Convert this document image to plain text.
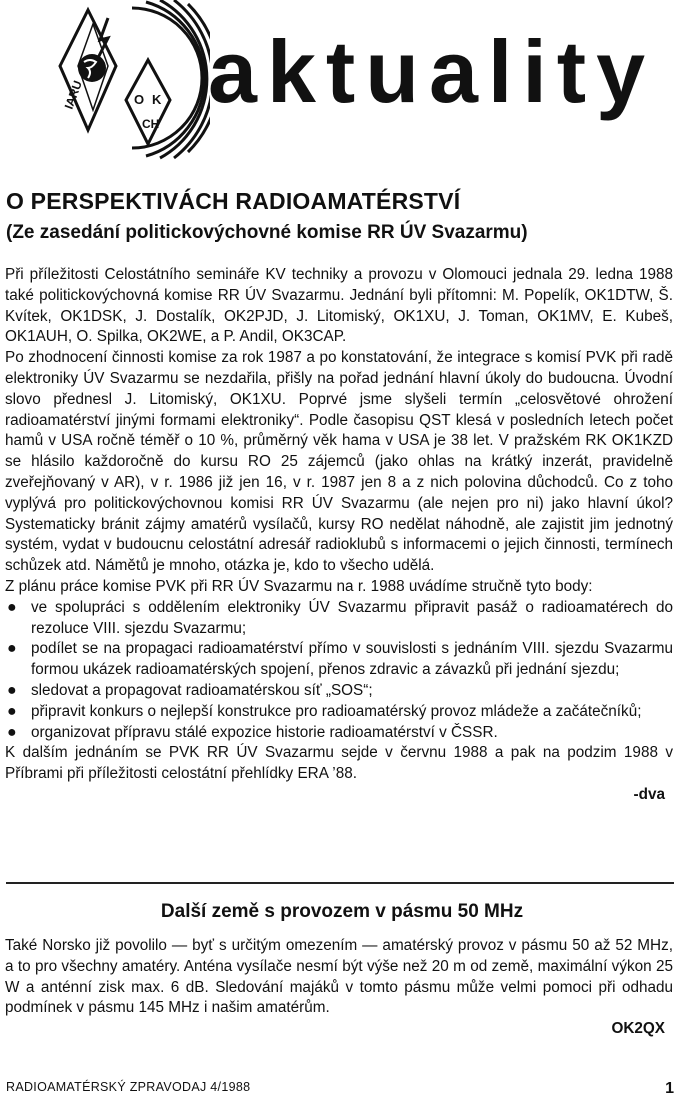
IARU	O K
CH
aktuality
O PERSPEKTIVÁCH RADIOAMATÉRSTVÍ
(Ze zasedání politickovýchovné komise RR ÚV Svazarmu)

Při příležitosti Celostátního semináře KV techniky a provozu v Olomouci jednala 29. ledna 1988 také politickovýchovná komise RR ÚV Svazarmu. Jednání byli přítomni: M. Popelík, OK1DTW, Š. Kvítek, OK1DSK, J. Dostalík, OK2PJD, J. Litomiský, OK1XU, J. Toman, OK1MV, E. Kubeš, OK1AUH, O. Spilka, OK2WE, a P. Andil, OK3CAP.

Po zhodnocení činnosti komise za rok 1987 a po konstatování, že integrace s komisí PVK při radě elektroniky ÚV Svazarmu se nezdařila, přišly na pořad jednání hlavní úkoly do budoucna. Úvodní slovo přednesl J. Litomiský, OK1XU. Poprvé jsme slyšeli termín „celosvětové ohrožení radioamatérství jinými formami elektroniky“. Podle časopisu QST klesá v posledních letech počet hamů v USA ročně téměř o 10 %, průměrný věk hama v USA je 38 let. V pražském RK OK1KZD se hlásilo každoročně do kursu RO 25 zájemců (jako ohlas na krátký inzerát, pravidelně zveřejňovaný v AR), v r. 1986 již jen 16, v r. 1987 jen 8 a z nich polovina důchodců. Co z toho vyplývá pro politickovýchovnou komisi RR ÚV Svazarmu (ale nejen pro ni) jako hlavní úkol? Systematicky bránit zájmy amatérů vysílačů, kursy RO nedělat náhodně, ale zajistit jim jednotný systém, vydat v budoucnu celostátní adresář radioklubů s informacemi o jejich činnosti, termínech schůzek atd. Námětů je mnoho, otázka je, kdo to všecho udělá.

Z plánu práce komise PVK při RR ÚV Svazarmu na r. 1988 uvádíme stručně tyto body:

● ve spolupráci s oddělením elektroniky ÚV Svazarmu připravit pasáž o radioamatérech do rezoluce VIII. sjezdu Svazarmu;
● podílet se na propagaci radioamatérství přímo v souvislosti s jednáním VIII. sjezdu Svazarmu formou ukázek radioamatérských spojení, přenos zdravic a závazků při jednání sjezdu;
● sledovat a propagovat radioamatérskou síť „SOS“;
● připravit konkurs o nejlepší konstrukce pro radioamatérský provoz mládeže a začátečníků;
● organizovat přípravu stálé expozice historie radioamatérství v ČSSR.

K dalším jednáním se PVK RR ÚV Svazarmu sejde v červnu 1988 a pak na podzim 1988 v Příbrami při příležitosti celostátní přehlídky ERA ’88.

-dva
Další země s provozem v pásmu 50 MHz

Také Norsko již povolilo — byť s určitým omezením — amatérský provoz v pásmu 50 až 52 MHz, a to pro všechny amatéry. Anténa vysílače nesmí být výše než 20 m od země, maximální výkon 25 W a anténní zisk max. 6 dB. Sledování majáků v tomto pásmu může velmi pomoci při odhadu podmínek v pásmu 145 MHz i našim amatérům.

OK2QX
RADIOAMATÉRSKÝ ZPRAVODAJ 4/1988	1
